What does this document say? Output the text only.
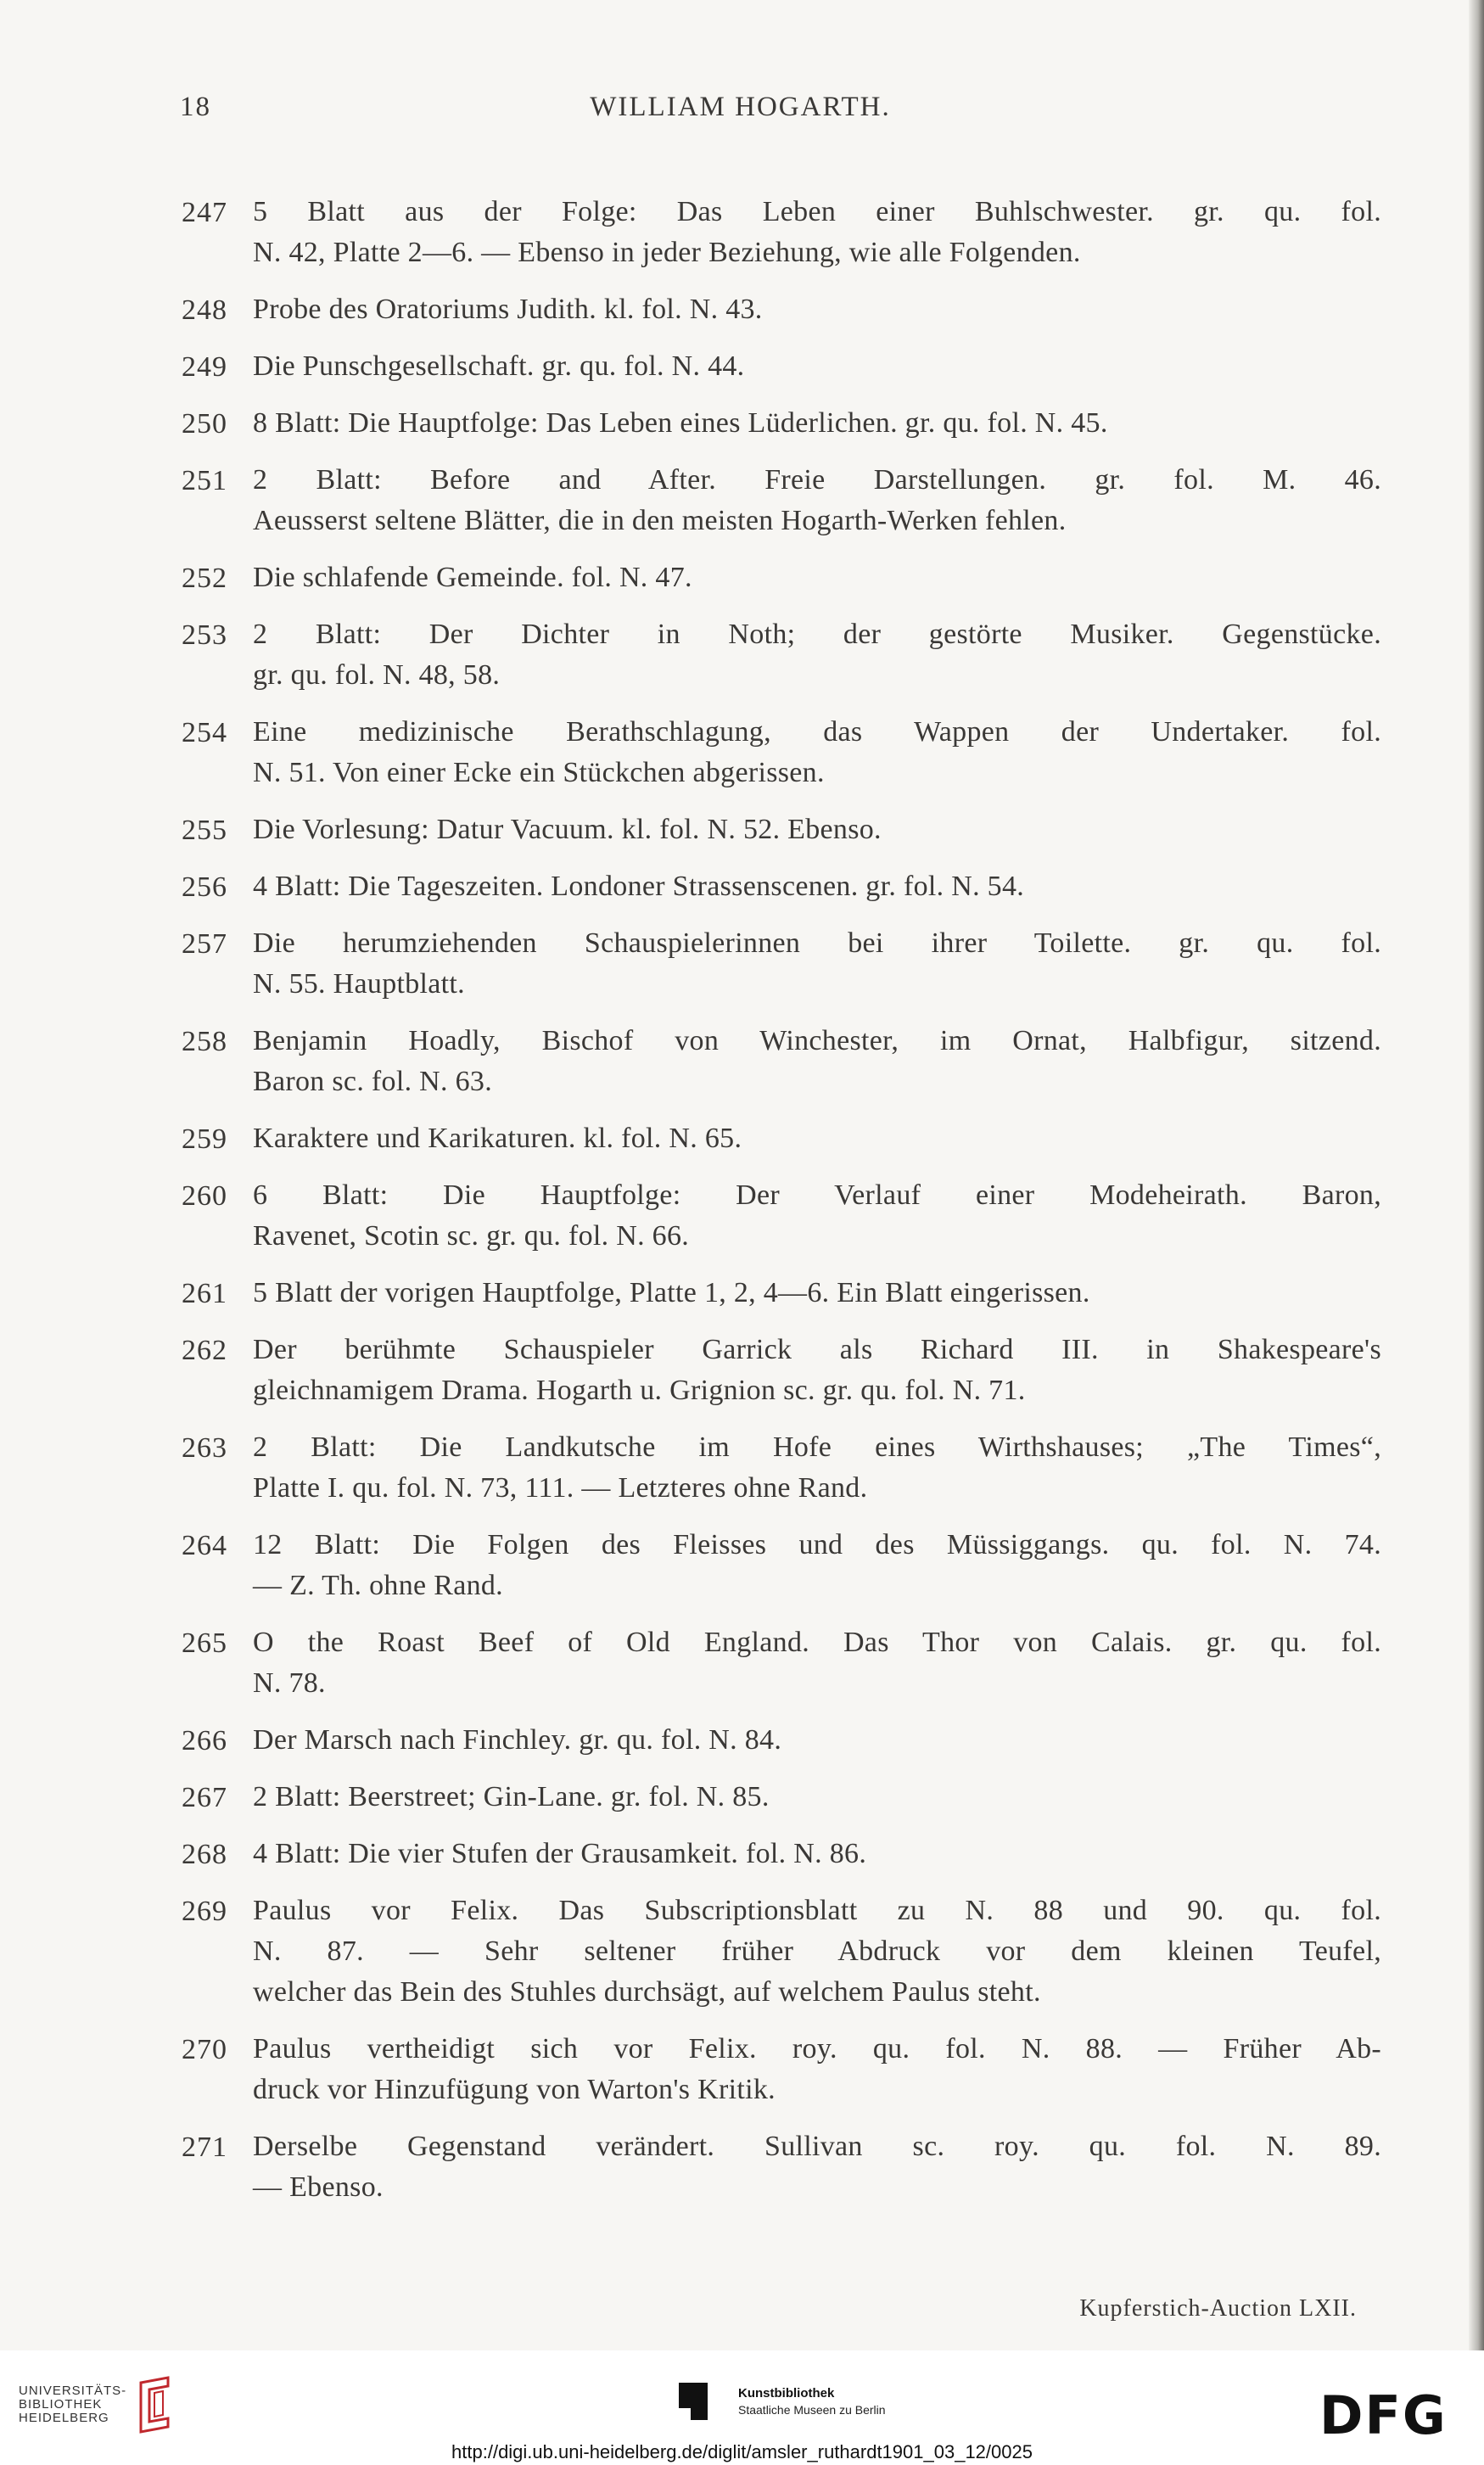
18	WILLIAM HOGARTH.
247 5 Blatt aus der Folge: Das Leben einer Buhlschwester. gr. qu. fol.
N. 42, Platte 2—6. — Ebenso in jeder Beziehung, wie alle Folgenden.
248 Probe des Oratoriums Judith. kl. fol. N. 43.
249 Die Punschgesellschaft. gr. qu. fol. N. 44.
250 8 Blatt: Die Hauptfolge: Das Leben eines Lüderlichen. gr. qu. fol. N. 45.
251 2 Blatt: Before and After. Freie Darstellungen. gr. fol. M. 46.
Aeusserst seltene Blätter, die in den meisten Hogarth-Werken fehlen.
252 Die schlafende Gemeinde. fol. N. 47.
253 2 Blatt: Der Dichter in Noth; der gestörte Musiker. Gegenstücke.
gr. qu. fol. N. 48, 58.
254 Eine medizinische Berathschlagung, das Wappen der Undertaker. fol.
N. 51. Von einer Ecke ein Stückchen abgerissen.
255 Die Vorlesung: Datur Vacuum. kl. fol. N. 52. Ebenso.
256 4 Blatt: Die Tageszeiten. Londoner Strassenscenen. gr. fol. N. 54.
257 Die herumziehenden Schauspielerinnen bei ihrer Toilette. gr. qu. fol.
N. 55. Hauptblatt.
258 Benjamin Hoadly, Bischof von Winchester, im Ornat, Halbfigur, sitzend.
Baron sc. fol. N. 63.
259 Karaktere und Karikaturen. kl. fol. N. 65.
260 6 Blatt: Die Hauptfolge: Der Verlauf einer Modeheirath. Baron,
Ravenet, Scotin sc. gr. qu. fol. N. 66.
261 5 Blatt der vorigen Hauptfolge, Platte 1, 2, 4—6. Ein Blatt eingerissen.
262 Der berühmte Schauspieler Garrick als Richard III. in Shakespeare's
gleichnamigem Drama. Hogarth u. Grignion sc. gr. qu. fol. N. 71.
263 2 Blatt: Die Landkutsche im Hofe eines Wirthshauses; „The Times“,
Platte I. qu. fol. N. 73, 111. — Letzteres ohne Rand.
264 12 Blatt: Die Folgen des Fleisses und des Müssiggangs. qu. fol. N. 74.
— Z. Th. ohne Rand.
265 O the Roast Beef of Old England. Das Thor von Calais. gr. qu. fol.
N. 78.
266 Der Marsch nach Finchley. gr. qu. fol. N. 84.
267 2 Blatt: Beerstreet; Gin-Lane. gr. fol. N. 85.
268 4 Blatt: Die vier Stufen der Grausamkeit. fol. N. 86.
269 Paulus vor Felix. Das Subscriptionsblatt zu N. 88 und 90. qu. fol.
N. 87. — Sehr seltener früher Abdruck vor dem kleinen Teufel,
welcher das Bein des Stuhles durchsägt, auf welchem Paulus steht.
270 Paulus vertheidigt sich vor Felix. roy. qu. fol. N. 88. — Früher Ab-
druck vor Hinzufügung von Warton's Kritik.
271 Derselbe Gegenstand verändert. Sullivan sc. roy. qu. fol. N. 89.
— Ebenso.
Kupferstich-Auction LXII.
UNIVERSITÄTS-
BIBLIOTHEK
HEIDELBERG
Kunstbibliothek
Staatliche Museen zu Berlin	DFG
http://digi.ub.uni-heidelberg.de/diglit/amsler_ruthardt1901_03_12/0025
